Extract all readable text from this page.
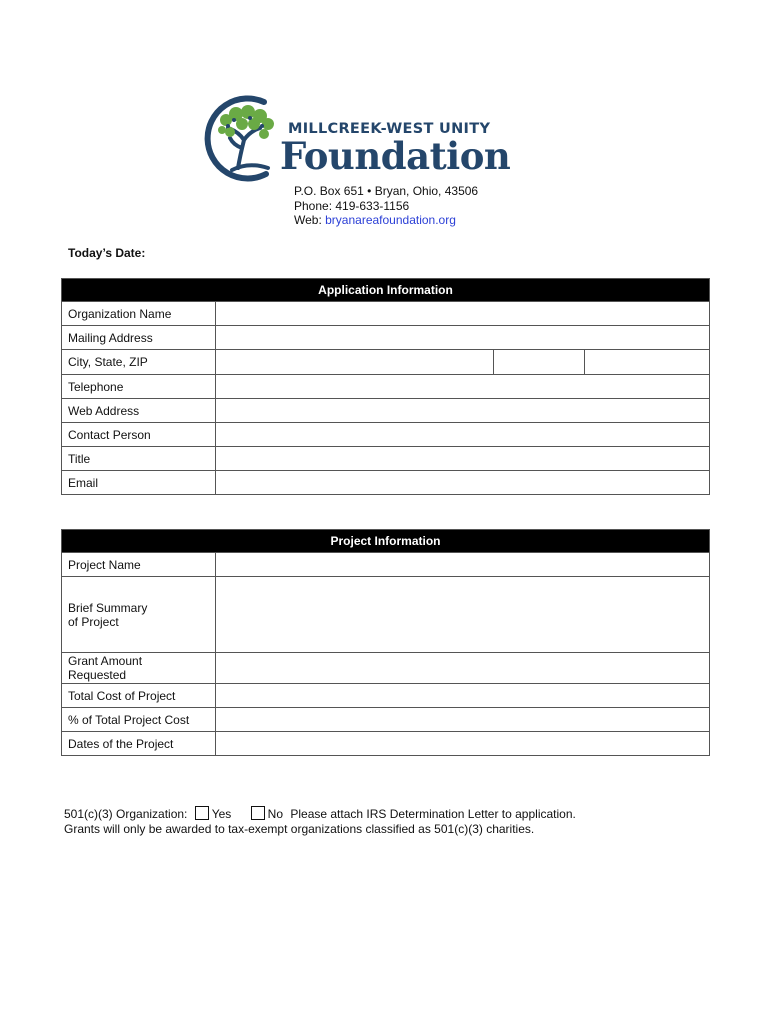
MILLCREEK-WEST UNITY
Foundation
P.O. Box 651 • Bryan, Ohio, 43506
Phone: 419-633-1156
Web: bryanareafoundation.org
Today’s Date:
Application Information	
Organization Name	
Mailing Address	
City, State, ZIP	

Telephone	
Web Address	
Contact Person	
Title	
Email	
Project Information	
Project Name	

Brief Summary of Project	

Grant Amount Requested	

Total Cost of Project	
% of Total Project Cost	
Dates of the Project	
501(c)(3) Organization: Yes	No Please attach IRS Determination Letter to application.
Grants will only be awarded to tax-exempt organizations classified as 501(c)(3) charities.
